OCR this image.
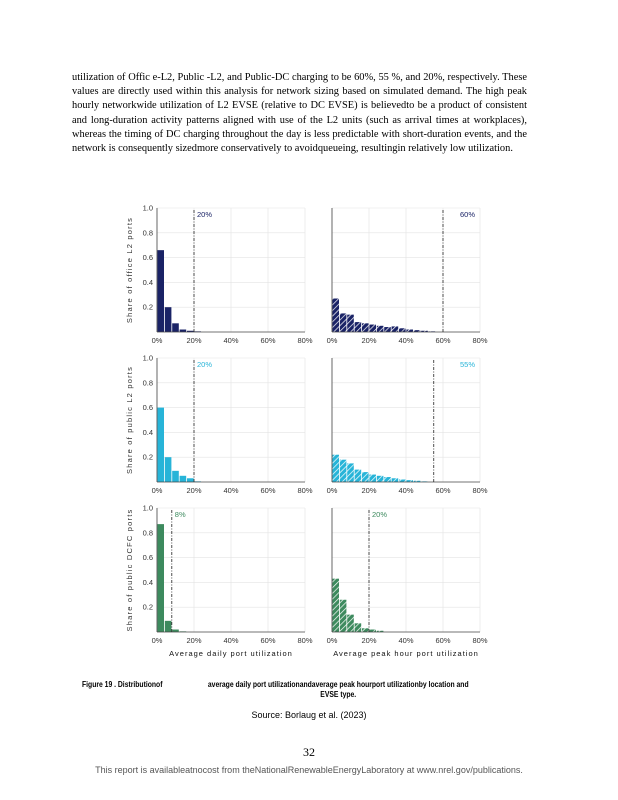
utilization of Offic e-L2, Public -L2, and Public-DC charging to be 60%, 55 %, and 20%, respectively. These values are directly used within this analysis for network sizing based on simulated demand. The high peak hourly networkwide utilization of L2 EVSE (relative to DC EVSE) is believedto be a product of consistent and long-duration activity patterns aligned with use of the L2 units (such as arrival times at workplaces), whereas the timing of DC charging throughout the day is less predictable with short-duration events, and the network is consequently sizedmore conservatively to avoidqueueing, resultingin relatively low utilization.

Share of office L2 ports
20%
1.0
0.8
0.6
0.4
0.2
0%	20%	40%	60%	80%
60%
0%	20%	40%	60%	80%
Share of public L2 ports
20%
1.0
0.8
0.6
0.4
0.2
0%	20%	40%	60%	80%
55%
0%	20%	40%	60%	80%
Share of public DCFC ports	8%
1.0
0.8
0.6
0.4
0.2
0%	20%	40%	60%	80%
Average daily port utilization
20%
0%	20%	40%	60%	80%
Average peak hour port utilization
Figure 19 . Distributionof	average daily port utilizationandaverage peak hourport utilizationby location and EVSE type.
Source: Borlaug et al. (2023)
32
This report is availableatnocost from theNationalRenewableEnergyLaboratory at www.nrel.gov/publications.
